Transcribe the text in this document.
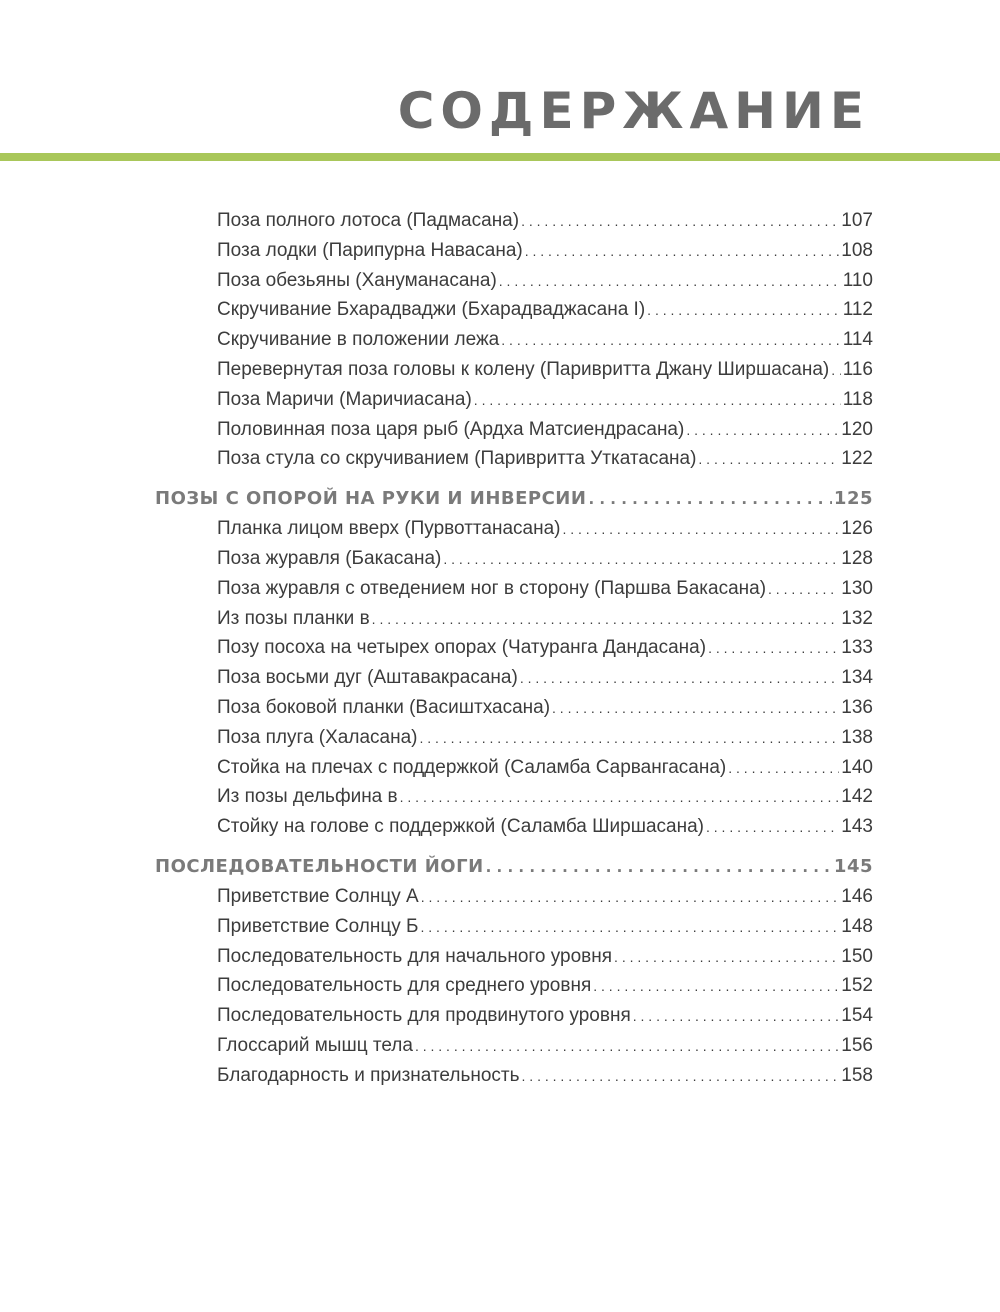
СОДЕРЖАНИЕ
Поза полного лотоса (Падмасана) . . .	107
Поза лодки (Парипурна Навасана) . . .	108
Поза обезьяны (Хануманасана) . . .	110
Скручивание Бхарадваджи (Бхарадваджасана I) . . .	112
Скручивание в положении лежа . . .	114
Перевернутая поза головы к колену (Паривритта Джану Ширшасана) . . . 116
Поза Маричи (Маричиасана) . . .	118
Половинная поза царя рыб (Ардха Матсиендрасана) . . .	120
Поза стула со скручиванием (Паривритта Уткатасана) . . .	122
ПОЗЫ С ОПОРОЙ НА РУКИ И ИНВЕРСИИ . . .	125
Планка лицом вверх (Пурвоттанасана) . . .	126
Поза журавля (Бакасана) . . .	128
Поза журавля с отведением ног в сторону (Паршва Бакасана) . . .	130
Из позы планки в . . .	132
Позу посоха на четырех опорах (Чатуранга Дандасана) . . .	133
Поза восьми дуг (Аштавакрасана) . . .	134
Поза боковой планки (Васиштхасана) . . .	136
Поза плуга (Халасана) . . .	138
Стойка на плечах с поддержкой (Саламба Сарвангасана) . . .	140
Из позы дельфина в . . .	142
Стойку на голове с поддержкой (Саламба Ширшасана) . . .	143
ПОСЛЕДОВАТЕЛЬНОСТИ ЙОГИ . . .	145
Приветствие Солнцу А . . .	146
Приветствие Солнцу Б . . .	148
Последовательность для начального уровня . . .	150
Последовательность для среднего уровня . . .	152
Последовательность для продвинутого уровня . . .	154
Глоссарий мышц тела . . .	156
Благодарность и признательность . . .	158
